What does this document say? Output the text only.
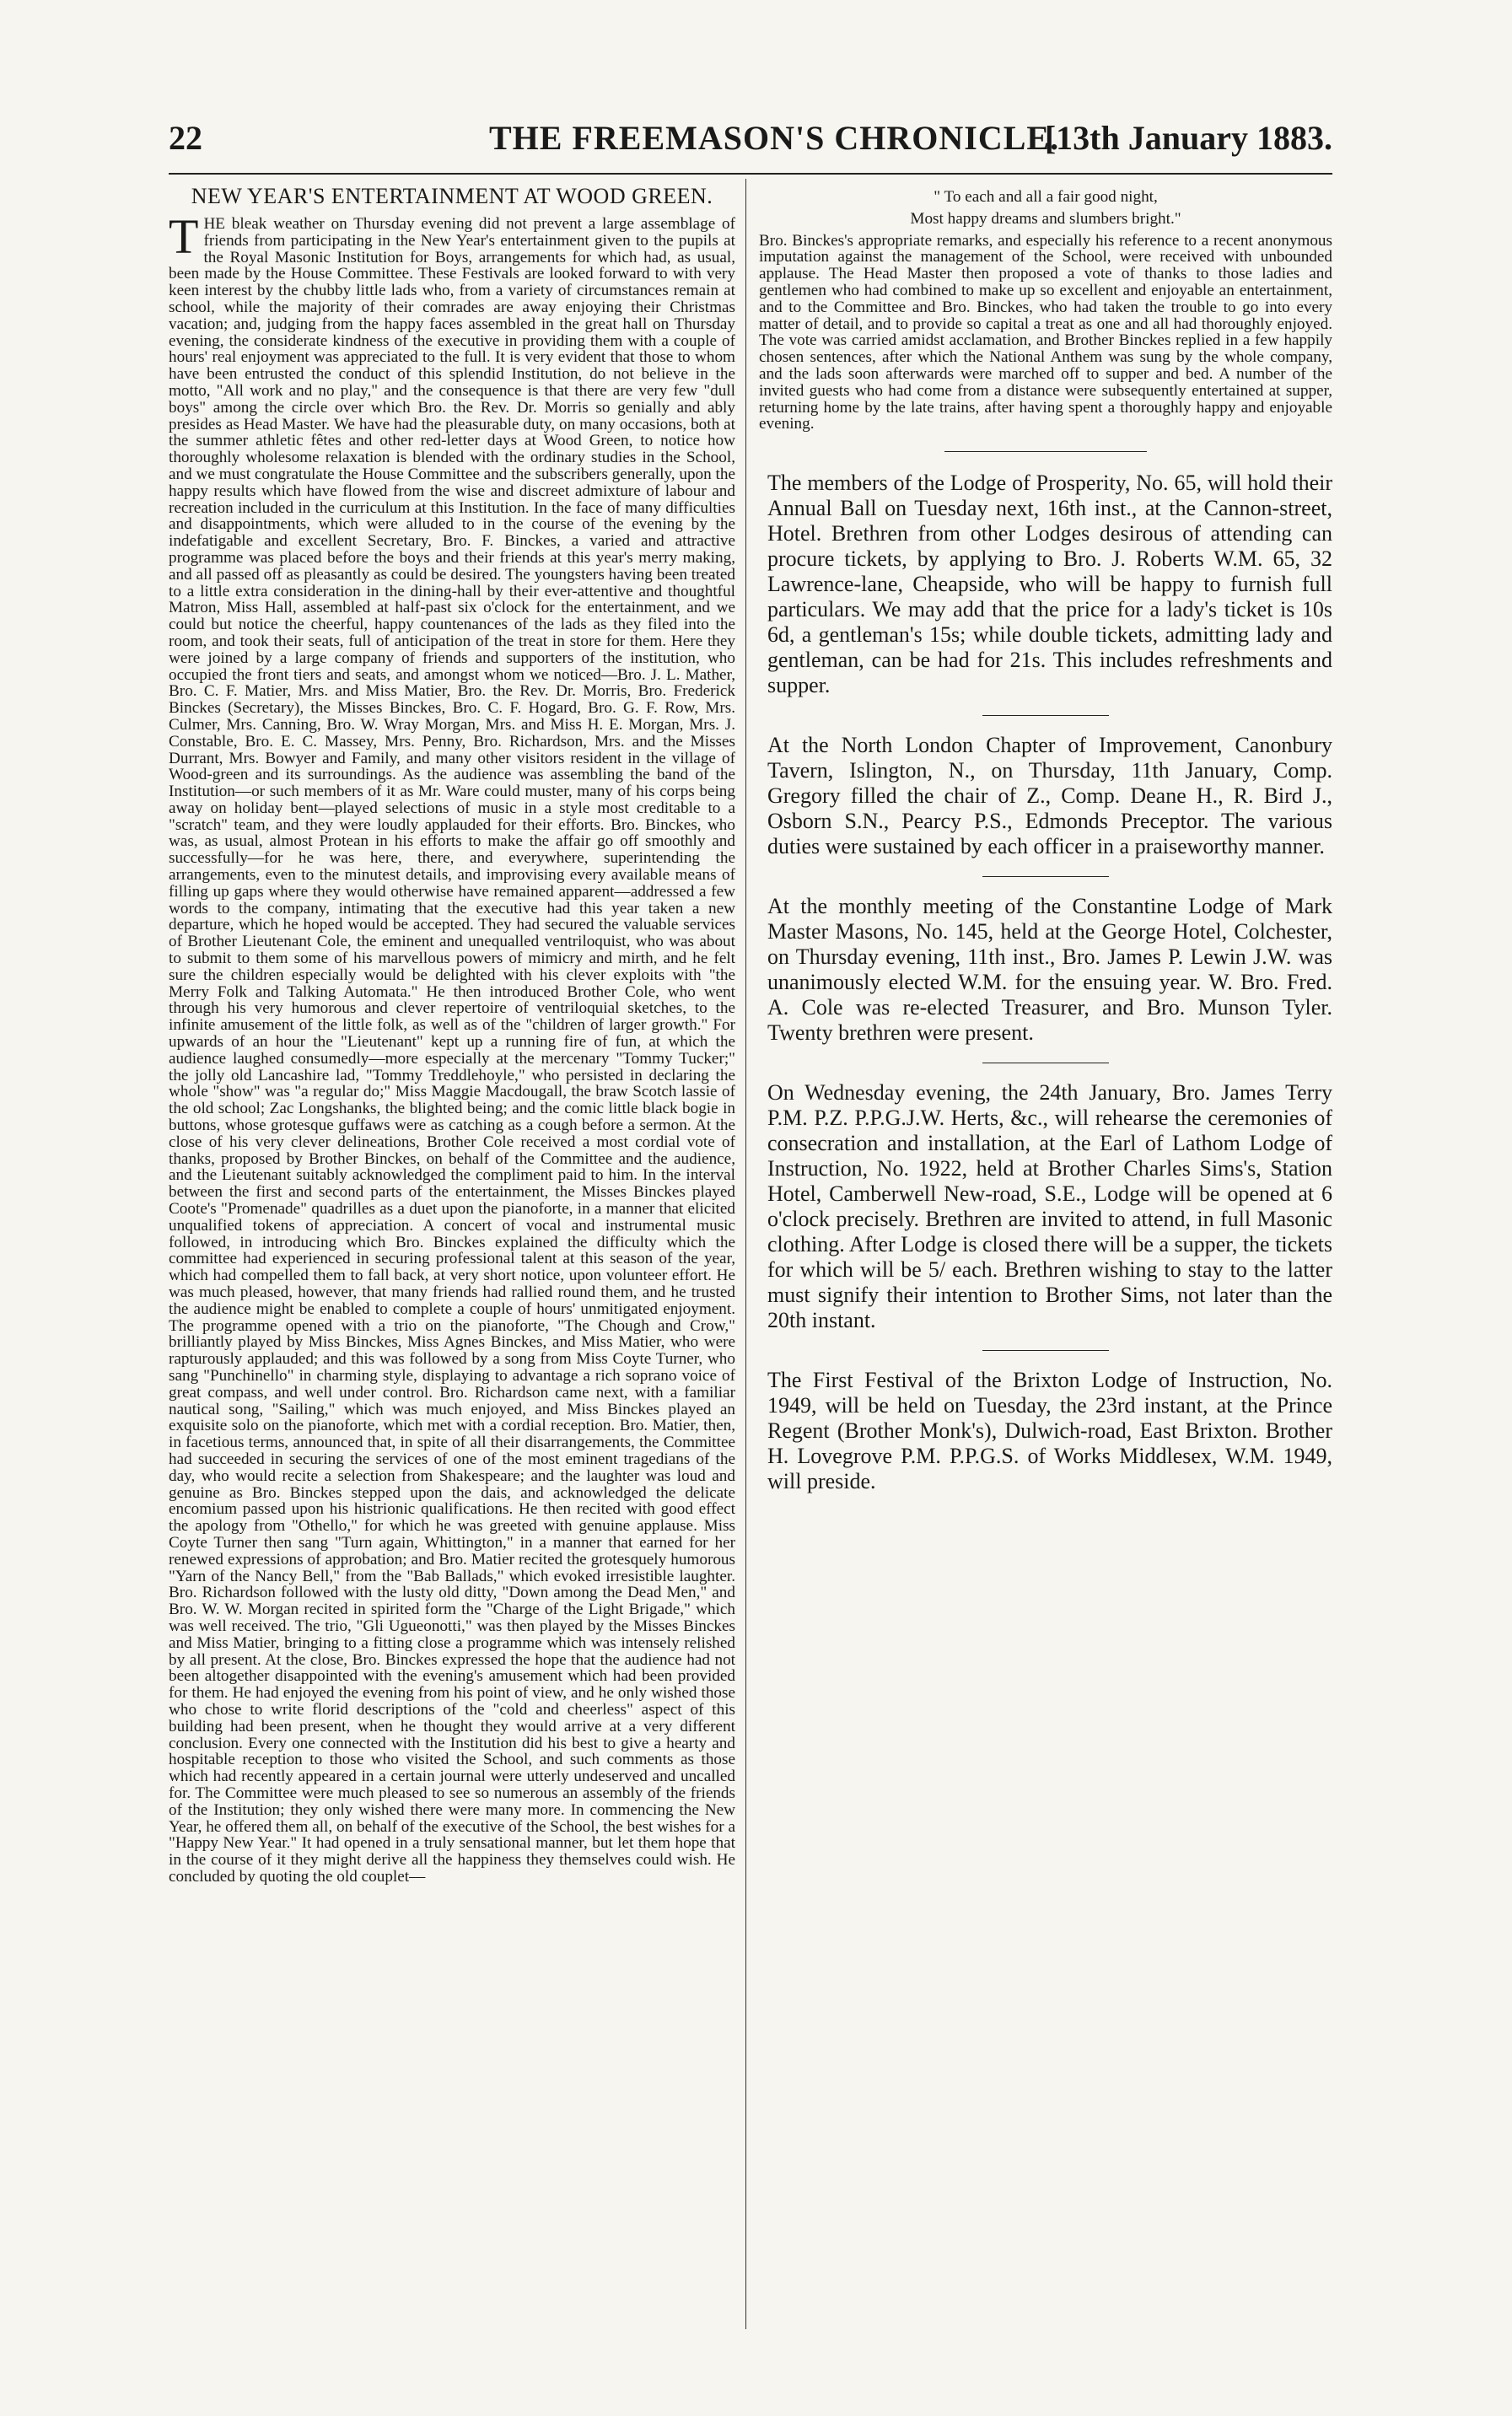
22	THE FREEMASON'S CHRONICLE.
[13th January 1883.
NEW YEAR'S ENTERTAINMENT AT WOOD GREEN.

THE bleak weather on Thursday evening did not prevent a large assemblage of friends from participating in the New Year's entertainment given to the pupils at the Royal Masonic Institution for Boys, arrangements for which had, as usual, been made by the House Committee. These Festivals are looked forward to with very keen interest by the chubby little lads who, from a variety of circumstances remain at school, while the majority of their comrades are away enjoying their Christmas vacation; and, judging from the happy faces assembled in the great hall on Thursday evening, the considerate kindness of the executive in providing them with a couple of hours' real enjoyment was appreciated to the full. It is very evident that those to whom have been entrusted the conduct of this splendid Institution, do not believe in the motto, "All work and no play," and the consequence is that there are very few "dull boys" among the circle over which Bro. the Rev. Dr. Morris so genially and ably presides as Head Master. We have had the pleasurable duty, on many occasions, both at the summer athletic fêtes and other red-letter days at Wood Green, to notice how thoroughly wholesome relaxation is blended with the ordinary studies in the School, and we must congratulate the House Committee and the subscribers generally, upon the happy results which have flowed from the wise and discreet admixture of labour and recreation included in the curriculum at this Institution. In the face of many difficulties and disappointments, which were alluded to in the course of the evening by the indefatigable and excellent Secretary, Bro. F. Binckes, a varied and attractive programme was placed before the boys and their friends at this year's merry making, and all passed off as pleasantly as could be desired. The youngsters having been treated to a little extra consideration in the dining-hall by their ever-attentive and thoughtful Matron, Miss Hall, assembled at half-past six o'clock for the entertainment, and we could but notice the cheerful, happy countenances of the lads as they filed into the room, and took their seats, full of anticipation of the treat in store for them. Here they were joined by a large company of friends and supporters of the institution, who occupied the front tiers and seats, and amongst whom we noticed—Bro. J. L. Mather, Bro. C. F. Matier, Mrs. and Miss Matier, Bro. the Rev. Dr. Morris, Bro. Frederick Binckes (Secretary), the Misses Binckes, Bro. C. F. Hogard, Bro. G. F. Row, Mrs. Culmer, Mrs. Canning, Bro. W. Wray Morgan, Mrs. and Miss H. E. Morgan, Mrs. J. Constable, Bro. E. C. Massey, Mrs. Penny, Bro. Richardson, Mrs. and the Misses Durrant, Mrs. Bowyer and Family, and many other visitors resident in the village of Wood-green and its surroundings. As the audience was assembling the band of the Institution—or such members of it as Mr. Ware could muster, many of his corps being away on holiday bent—played selections of music in a style most creditable to a "scratch" team, and they were loudly applauded for their efforts. Bro. Binckes, who was, as usual, almost Protean in his efforts to make the affair go off smoothly and successfully—for he was here, there, and everywhere, superintending the arrangements, even to the minutest details, and improvising every available means of filling up gaps where they would otherwise have remained apparent—addressed a few words to the company, intimating that the executive had this year taken a new departure, which he hoped would be accepted. They had secured the valuable services of Brother Lieutenant Cole, the eminent and unequalled ventriloquist, who was about to submit to them some of his marvellous powers of mimicry and mirth, and he felt sure the children especially would be delighted with his clever exploits with "the Merry Folk and Talking Automata." He then introduced Brother Cole, who went through his very humorous and clever repertoire of ventriloquial sketches, to the infinite amusement of the little folk, as well as of the "children of larger growth." For upwards of an hour the "Lieutenant" kept up a running fire of fun, at which the audience laughed consumedly—more especially at the mercenary "Tommy Tucker;" the jolly old Lancashire lad, "Tommy Treddlehoyle," who persisted in declaring the whole "show" was "a regular do;" Miss Maggie Macdougall, the braw Scotch lassie of the old school; Zac Longshanks, the blighted being; and the comic little black bogie in buttons, whose grotesque guffaws were as catching as a cough before a sermon. At the close of his very clever delineations, Brother Cole received a most cordial vote of thanks, proposed by Brother Binckes, on behalf of the Committee and the audience, and the Lieutenant suitably acknowledged the compliment paid to him. In the interval between the first and second parts of the entertainment, the Misses Binckes played Coote's "Promenade" quadrilles as a duet upon the pianoforte, in a manner that elicited unqualified tokens of appreciation. A concert of vocal and instrumental music followed, in introducing which Bro. Binckes explained the difficulty which the committee had experienced in securing professional talent at this season of the year, which had compelled them to fall back, at very short notice, upon volunteer effort. He was much pleased, however, that many friends had rallied round them, and he trusted the audience might be enabled to complete a couple of hours' unmitigated enjoyment. The programme opened with a trio on the pianoforte, "The Chough and Crow," brilliantly played by Miss Binckes, Miss Agnes Binckes, and Miss Matier, who were rapturously applauded; and this was followed by a song from Miss Coyte Turner, who sang "Punchinello" in charming style, displaying to advantage a rich soprano voice of great compass, and well under control. Bro. Richardson came next, with a familiar nautical song, "Sailing," which was much enjoyed, and Miss Binckes played an exquisite solo on the pianoforte, which met with a cordial reception. Bro. Matier, then, in facetious terms, announced that, in spite of all their disarrangements, the Committee had succeeded in securing the services of one of the most eminent tragedians of the day, who would recite a selection from Shakespeare; and the laughter was loud and genuine as Bro. Binckes stepped upon the dais, and acknowledged the delicate encomium passed upon his histrionic qualifications. He then recited with good effect the apology from "Othello," for which he was greeted with genuine applause. Miss Coyte Turner then sang "Turn again, Whittington," in a manner that earned for her renewed expressions of approbation; and Bro. Matier recited the grotesquely humorous "Yarn of the Nancy Bell," from the "Bab Ballads," which evoked irresistible laughter. Bro. Richardson followed with the lusty old ditty, "Down among the Dead Men," and Bro. W. W. Morgan recited in spirited form the "Charge of the Light Brigade," which was well received. The trio, "Gli Ugueonotti," was then played by the Misses Binckes and Miss Matier, bringing to a fitting close a programme which was intensely relished by all present. At the close, Bro. Binckes expressed the hope that the audience had not been altogether disappointed with the evening's amusement which had been provided for them. He had enjoyed the evening from his point of view, and he only wished those who chose to write florid descriptions of the "cold and cheerless" aspect of this building had been present, when he thought they would arrive at a very different conclusion. Every one connected with the Institution did his best to give a hearty and hospitable reception to those who visited the School, and such comments as those which had recently appeared in a certain journal were utterly undeserved and uncalled for. The Committee were much pleased to see so numerous an assembly of the friends of the Institution; they only wished there were many more. In commencing the New Year, he offered them all, on behalf of the executive of the School, the best wishes for a "Happy New Year." It had opened in a truly sensational manner, but let them hope that in the course of it they might derive all the happiness they themselves could wish. He concluded by quoting the old couplet—

" To each and all a fair good night,

Most happy dreams and slumbers bright."

Bro. Binckes's appropriate remarks, and especially his reference to a recent anonymous imputation against the management of the School, were received with unbounded applause. The Head Master then proposed a vote of thanks to those ladies and gentlemen who had combined to make up so excellent and enjoyable an entertainment, and to the Committee and Bro. Binckes, who had taken the trouble to go into every matter of detail, and to provide so capital a treat as one and all had thoroughly enjoyed. The vote was carried amidst acclamation, and Brother Binckes replied in a few happily chosen sentences, after which the National Anthem was sung by the whole company, and the lads soon afterwards were marched off to supper and bed. A number of the invited guests who had come from a distance were subsequently entertained at supper, returning home by the late trains, after having spent a thoroughly happy and enjoyable evening.

The members of the Lodge of Prosperity, No. 65, will hold their Annual Ball on Tuesday next, 16th inst., at the Cannon-street, Hotel. Brethren from other Lodges desirous of attending can procure tickets, by applying to Bro. J. Roberts W.M. 65, 32 Lawrence-lane, Cheapside, who will be happy to furnish full particulars. We may add that the price for a lady's ticket is 10s 6d, a gentleman's 15s; while double tickets, admitting lady and gentleman, can be had for 21s. This includes refreshments and supper.

At the North London Chapter of Improvement, Canonbury Tavern, Islington, N., on Thursday, 11th January, Comp. Gregory filled the chair of Z., Comp. Deane H., R. Bird J., Osborn S.N., Pearcy P.S., Edmonds Preceptor. The various duties were sustained by each officer in a praiseworthy manner.

At the monthly meeting of the Constantine Lodge of Mark Master Masons, No. 145, held at the George Hotel, Colchester, on Thursday evening, 11th inst., Bro. James P. Lewin J.W. was unanimously elected W.M. for the ensuing year. W. Bro. Fred. A. Cole was re-elected Treasurer, and Bro. Munson Tyler. Twenty brethren were present.

On Wednesday evening, the 24th January, Bro. James Terry P.M. P.Z. P.P.G.J.W. Herts, &c., will rehearse the ceremonies of consecration and installation, at the Earl of Lathom Lodge of Instruction, No. 1922, held at Brother Charles Sims's, Station Hotel, Camberwell New-road, S.E., Lodge will be opened at 6 o'clock precisely. Brethren are invited to attend, in full Masonic clothing. After Lodge is closed there will be a supper, the tickets for which will be 5/ each. Brethren wishing to stay to the latter must signify their intention to Brother Sims, not later than the 20th instant.

The First Festival of the Brixton Lodge of Instruction, No. 1949, will be held on Tuesday, the 23rd instant, at the Prince Regent (Brother Monk's), Dulwich-road, East Brixton. Brother H. Lovegrove P.M. P.P.G.S. of Works Middlesex, W.M. 1949, will preside.
